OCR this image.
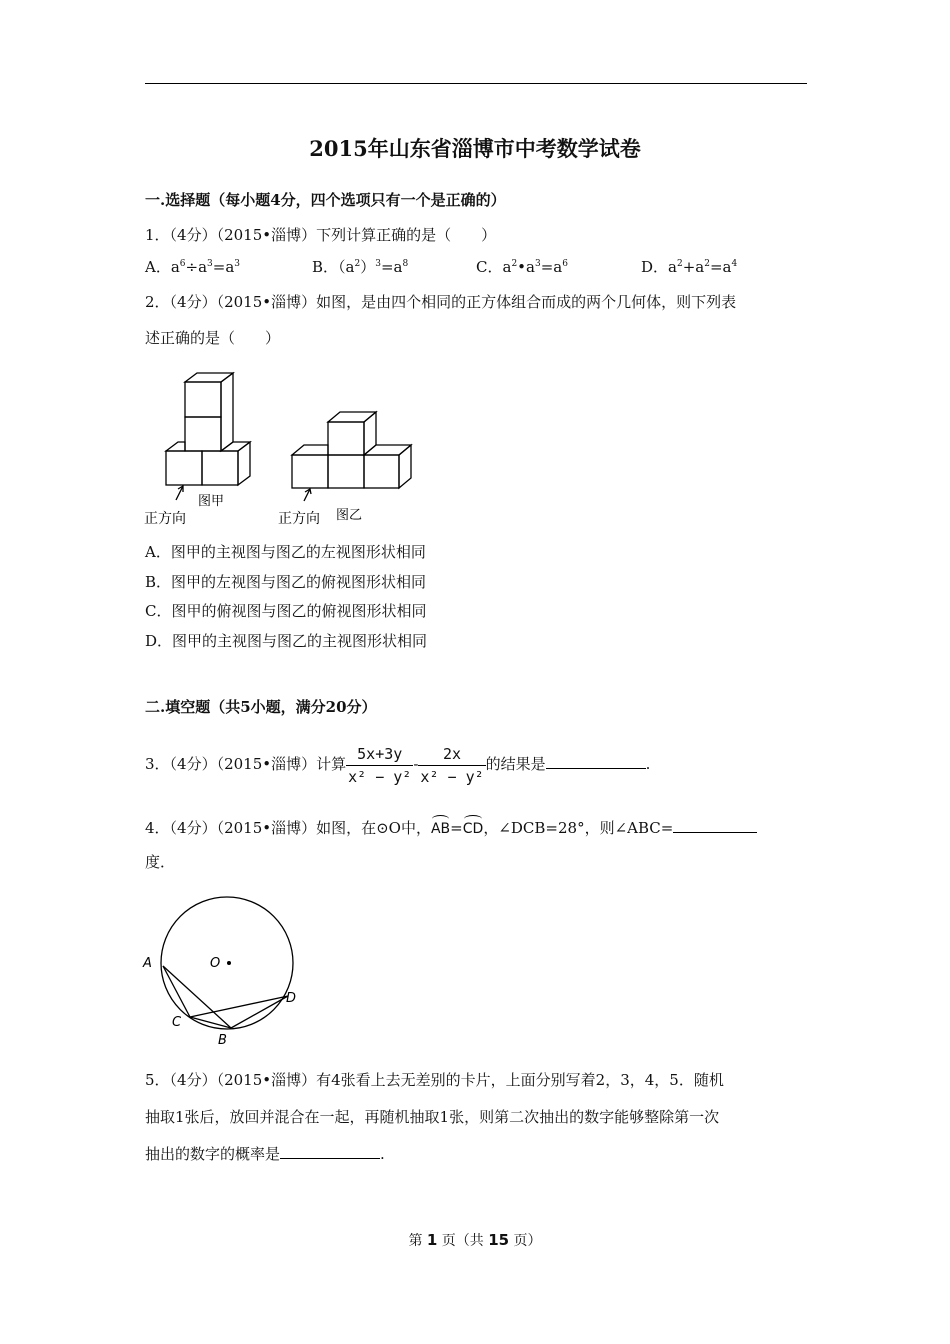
2015年山东省淄博市中考数学试卷
一.选择题（每小题4分，四个选项只有一个是正确的）
1．（4分）（2015•淄博）下列计算正确的是（　　）
A．$a^6\div a^3=a^3$	B．$(a^2)^3=a^8$	C．$a^2•a^3=a^6$	D．$a^2+a^2=a^4$
2．（4分）（2015•淄博）如图，是由四个相同的正方体组合而成的两个几何体，则下列表
述正确的是（　　）
图甲
正方向	图乙
正方向
A．图甲的主视图与图乙的左视图形状相同
B．图甲的左视图与图乙的俯视图形状相同
C．图甲的俯视图与图乙的俯视图形状相同
D．图甲的主视图与图乙的主视图形状相同
二.填空题（共5小题，满分20分）
3．（4分）（2015•淄博）计算 $\frac{5x+3y}{\text{x² − y²}} - \frac{2x}{\text{x² − y²}}$ 的结果是	.
4．（4分）（2015•淄博）如图，在⊙O中，AB=CD，∠DCB=28°，则∠ABC=
度．
A	O
C
B
D
5．（4分）（2015•淄博）有4张看上去无差别的卡片，上面分别写着2，3，4，5．随机
抽取1张后，放回并混合在一起，再随机抽取1张，则第二次抽出的数字能够整除第一次
抽出的数字的概率是	.
第 1 页（共 15 页）
